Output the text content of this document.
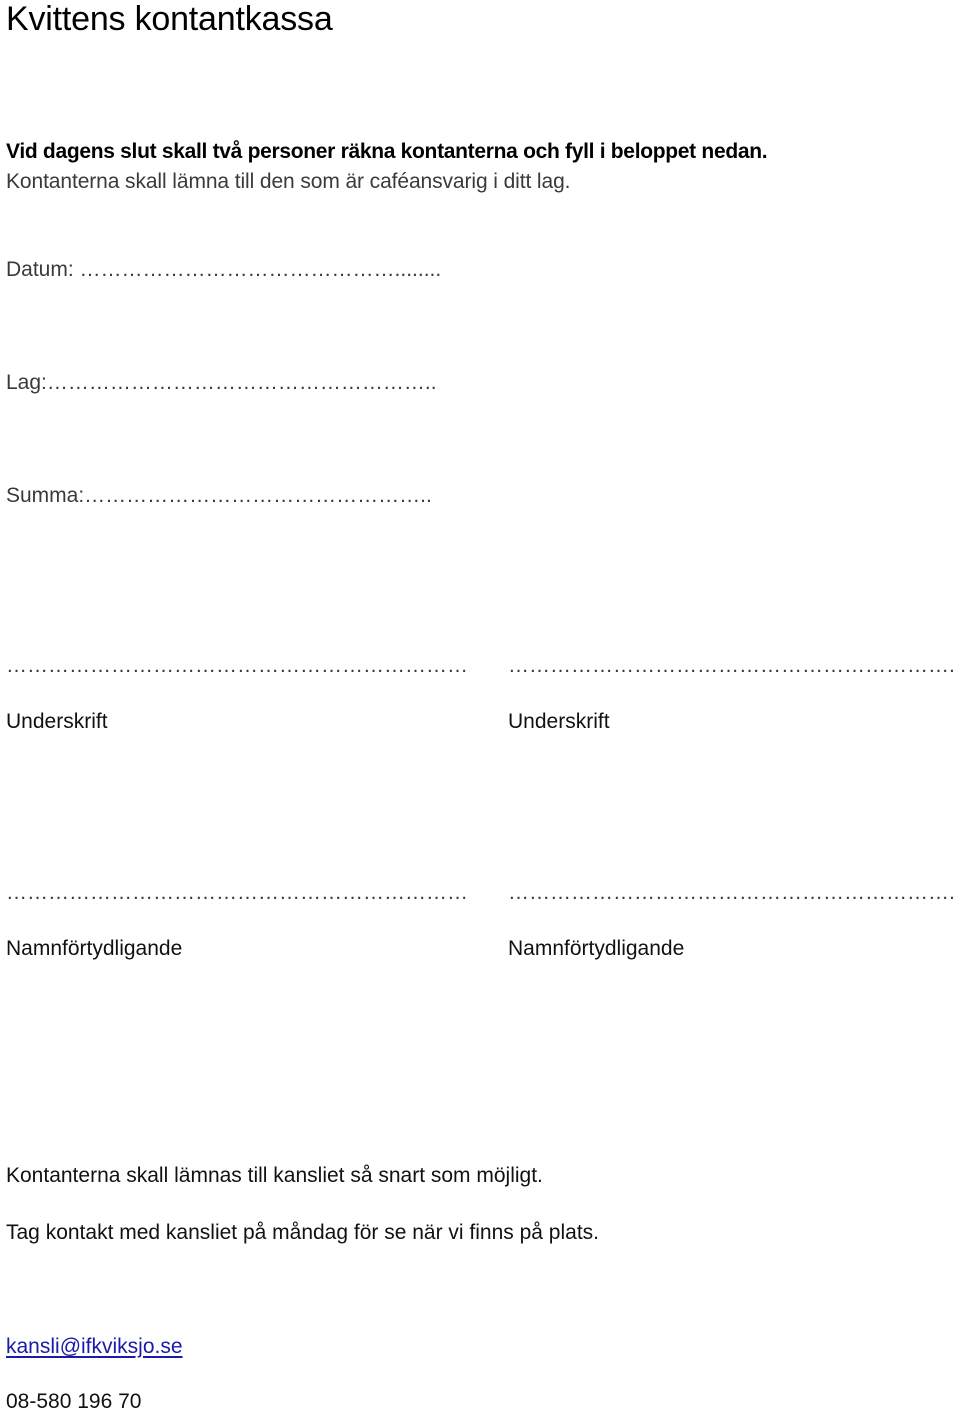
Kvittens kontantkassa
Vid dagens slut skall två personer räkna kontanterna och fyll i beloppet nedan.
Kontanterna skall lämna till den som är caféansvarig i ditt lag.
Datum: ………………………………………........
Lag:………………………………………………..
Summa:…………………………………………..
………………………………………………………… ……………………………………………………….
Underskrift	Underskrift
………………………………………………………… ……………………………………………………….
Namnförtydligande	Namnförtydligande
Kontanterna skall lämnas till kansliet så snart som möjligt.
Tag kontakt med kansliet på måndag för se när vi finns på plats.
kansli@ifkviksjo.se
08-580 196 70
